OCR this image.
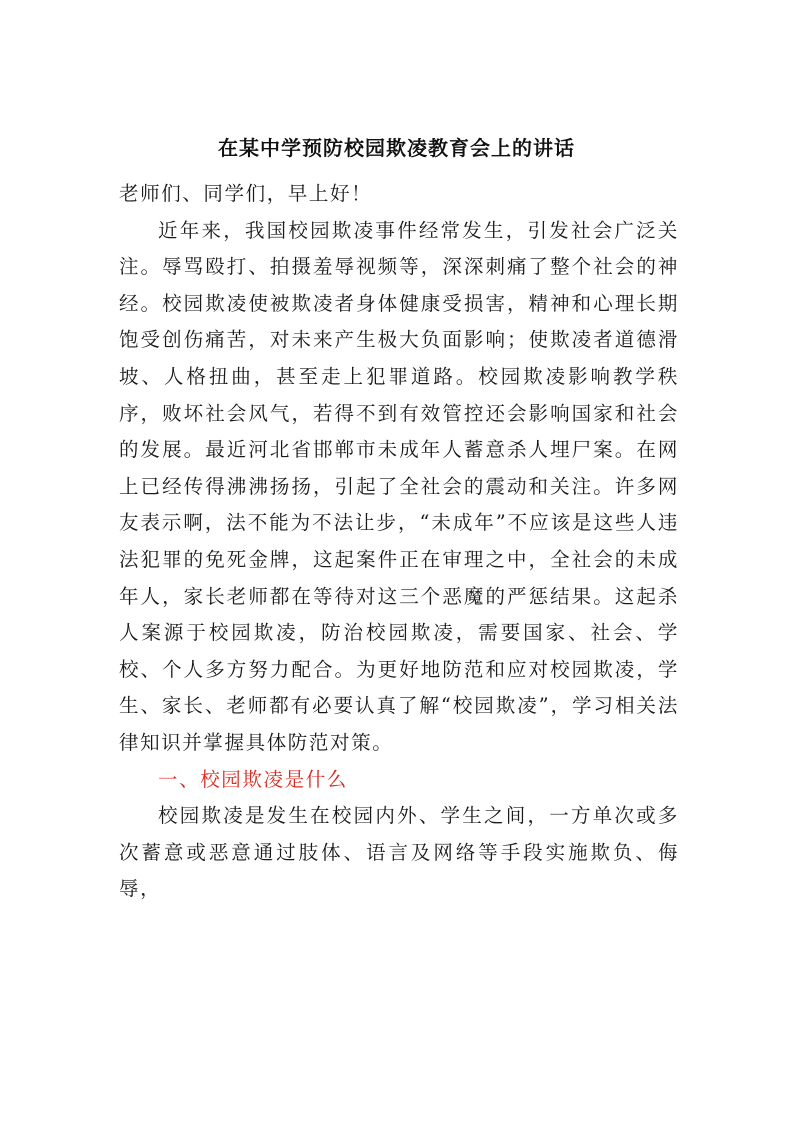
在某中学预防校园欺凌教育会上的讲话

老师们、同学们，早上好！

近年来，我国校园欺凌事件经常发生，引发社会广泛关注。辱骂殴打、拍摄羞辱视频等，深深刺痛了整个社会的神经。校园欺凌使被欺凌者身体健康受损害，精神和心理长期饱受创伤痛苦，对未来产生极大负面影响；使欺凌者道德滑坡、人格扭曲，甚至走上犯罪道路。校园欺凌影响教学秩序，败坏社会风气，若得不到有效管控还会影响国家和社会的发展。最近河北省邯郸市未成年人蓄意杀人埋尸案。在网上已经传得沸沸扬扬，引起了全社会的震动和关注。许多网友表示啊，法不能为不法让步，“未成年”不应该是这些人违法犯罪的免死金牌，这起案件正在审理之中，全社会的未成年人，家长老师都在等待对这三个恶魔的严惩结果。这起杀人案源于校园欺凌，防治校园欺凌，需要国家、社会、学校、个人多方努力配合。为更好地防范和应对校园欺凌，学生、家长、老师都有必要认真了解“校园欺凌”，学习相关法律知识并掌握具体防范对策。

一、校园欺凌是什么

校园欺凌是发生在校园内外、学生之间，一方单次或多次蓄意或恶意通过肢体、语言及网络等手段实施欺负、侮辱，
